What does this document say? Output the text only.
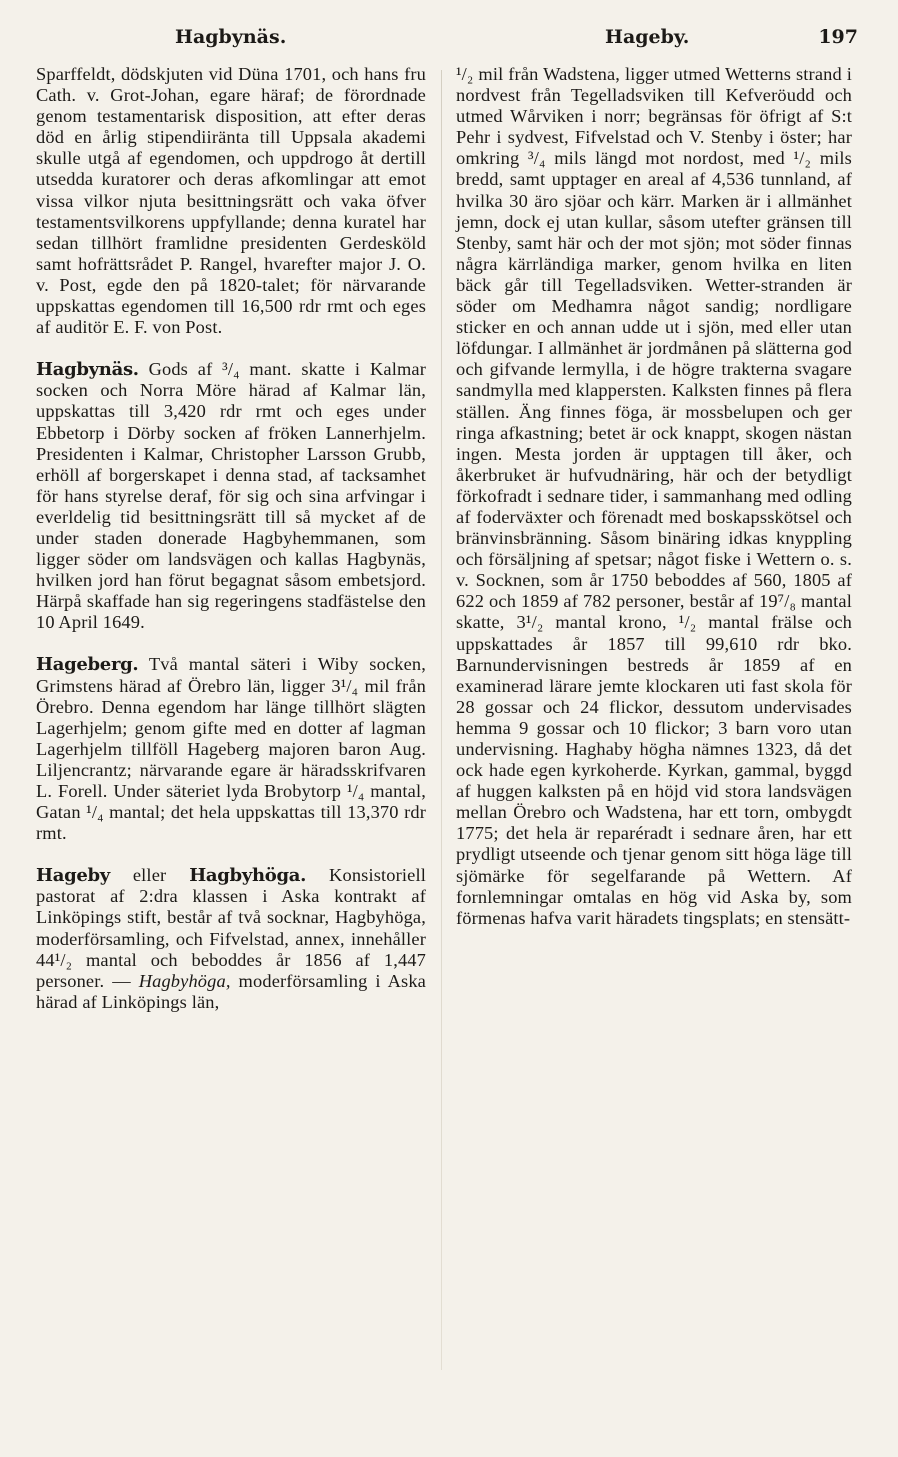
Hagbynäs.	Hageby.	197

Sparffeldt, dödskjuten vid Düna 1701, och hans fru Cath. v. Grot-Johan, egare häraf; de förordnade genom testamentarisk disposition, att efter deras död en årlig stipendiiränta till Uppsala akademi skulle utgå af egendomen, och uppdrogo åt dertill utsedda kuratorer och deras afkomlingar att emot vissa vilkor njuta besittningsrätt och vaka öfver testamentsvilkorens uppfyllande; denna kuratel har sedan tillhört framlidne presidenten Gerdesköld samt hofrättsrådet P. Rangel, hvarefter major J. O. v. Post, egde den på 1820-talet; för närvarande uppskattas egendomen till 16,500 rdr rmt och eges af auditör E. F. von Post.

Hagbynäs. Gods af ³/₄ mant. skatte i Kalmar socken och Norra Möre härad af Kalmar län, uppskattas till 3,420 rdr rmt och eges under Ebbetorp i Dörby socken af fröken Lannerhjelm. Presidenten i Kalmar, Christopher Larsson Grubb, erhöll af borgerskapet i denna stad, af tacksamhet för hans styrelse deraf, för sig och sina arfvingar i everldelig tid besittningsrätt till så mycket af de under staden donerade Hagbyhemmanen, som ligger söder om landsvägen och kallas Hagbynäs, hvilken jord han förut begagnat såsom embetsjord. Härpå skaffade han sig regeringens stadfästelse den 10 April 1649.

Hageberg. Två mantal säteri i Wiby socken, Grimstens härad af Örebro län, ligger 3¹/₄ mil från Örebro. Denna egendom har länge tillhört slägten Lagerhjelm; genom gifte med en dotter af lagman Lagerhjelm tillföll Hageberg majoren baron Aug. Liljencrantz; närvarande egare är häradsskrifvaren L. Forell. Under säteriet lyda Brobytorp ¹/₄ mantal, Gatan ¹/₄ mantal; det hela uppskattas till 13,370 rdr rmt.

Hageby eller Hagbyhöga. Konsistoriell pastorat af 2:dra klassen i Aska kontrakt af Linköpings stift, består af två socknar, Hagbyhöga, moderförsamling, och Fifvelstad, annex, innehåller 44¹/₂ mantal och beboddes år 1856 af 1,447 personer. — Hagbyhöga, moderförsamling i Aska härad af Linköpings län,

¹/₂ mil från Wadstena, ligger utmed Wetterns strand i nordvest från Tegelladsviken till Kefveröudd och utmed Wårviken i norr; begränsas för öfrigt af S:t Pehr i sydvest, Fifvelstad och V. Stenby i öster; har omkring ³/₄ mils längd mot nordost, med ¹/₂ mils bredd, samt upptager en areal af 4,536 tunnland, af hvilka 30 äro sjöar och kärr. Marken är i allmänhet jemn, dock ej utan kullar, såsom utefter gränsen till Stenby, samt här och der mot sjön; mot söder finnas några kärrländiga marker, genom hvilka en liten bäck går till Tegelladsviken. Wetter-stranden är söder om Medhamra något sandig; nordligare sticker en och annan udde ut i sjön, med eller utan löfdungar. I allmänhet är jordmånen på slätterna god och gifvande lermylla, i de högre trakterna svagare sandmylla med klappersten. Kalksten finnes på flera ställen. Äng finnes föga, är mossbelupen och ger ringa afkastning; betet är ock knappt, skogen nästan ingen. Mesta jorden är upptagen till åker, och åkerbruket är hufvudnäring, här och der betydligt förkofradt i sednare tider, i sammanhang med odling af foderväxter och förenadt med boskapsskötsel och bränvinsbränning. Såsom binäring idkas knyppling och försäljning af spetsar; något fiske i Wettern o. s. v. Socknen, som år 1750 beboddes af 560, 1805 af 622 och 1859 af 782 personer, består af 19⁷/₈ mantal skatte, 3¹/₂ mantal krono, ¹/₂ mantal frälse och uppskattades år 1857 till 99,610 rdr bko. Barnundervisningen bestreds år 1859 af en examinerad lärare jemte klockaren uti fast skola för 28 gossar och 24 flickor, dessutom undervisades hemma 9 gossar och 10 flickor; 3 barn voro utan undervisning. Haghaby högha nämnes 1323, då det ock hade egen kyrkoherde. Kyrkan, gammal, byggd af huggen kalksten på en höjd vid stora landsvägen mellan Örebro och Wadstena, har ett torn, ombygdt 1775; det hela är reparéradt i sednare åren, har ett prydligt utseende och tjenar genom sitt höga läge till sjömärke för segelfarande på Wettern. Af fornlemningar omtalas en hög vid Aska by, som förmenas hafva varit häradets tingsplats; en stensätt-
